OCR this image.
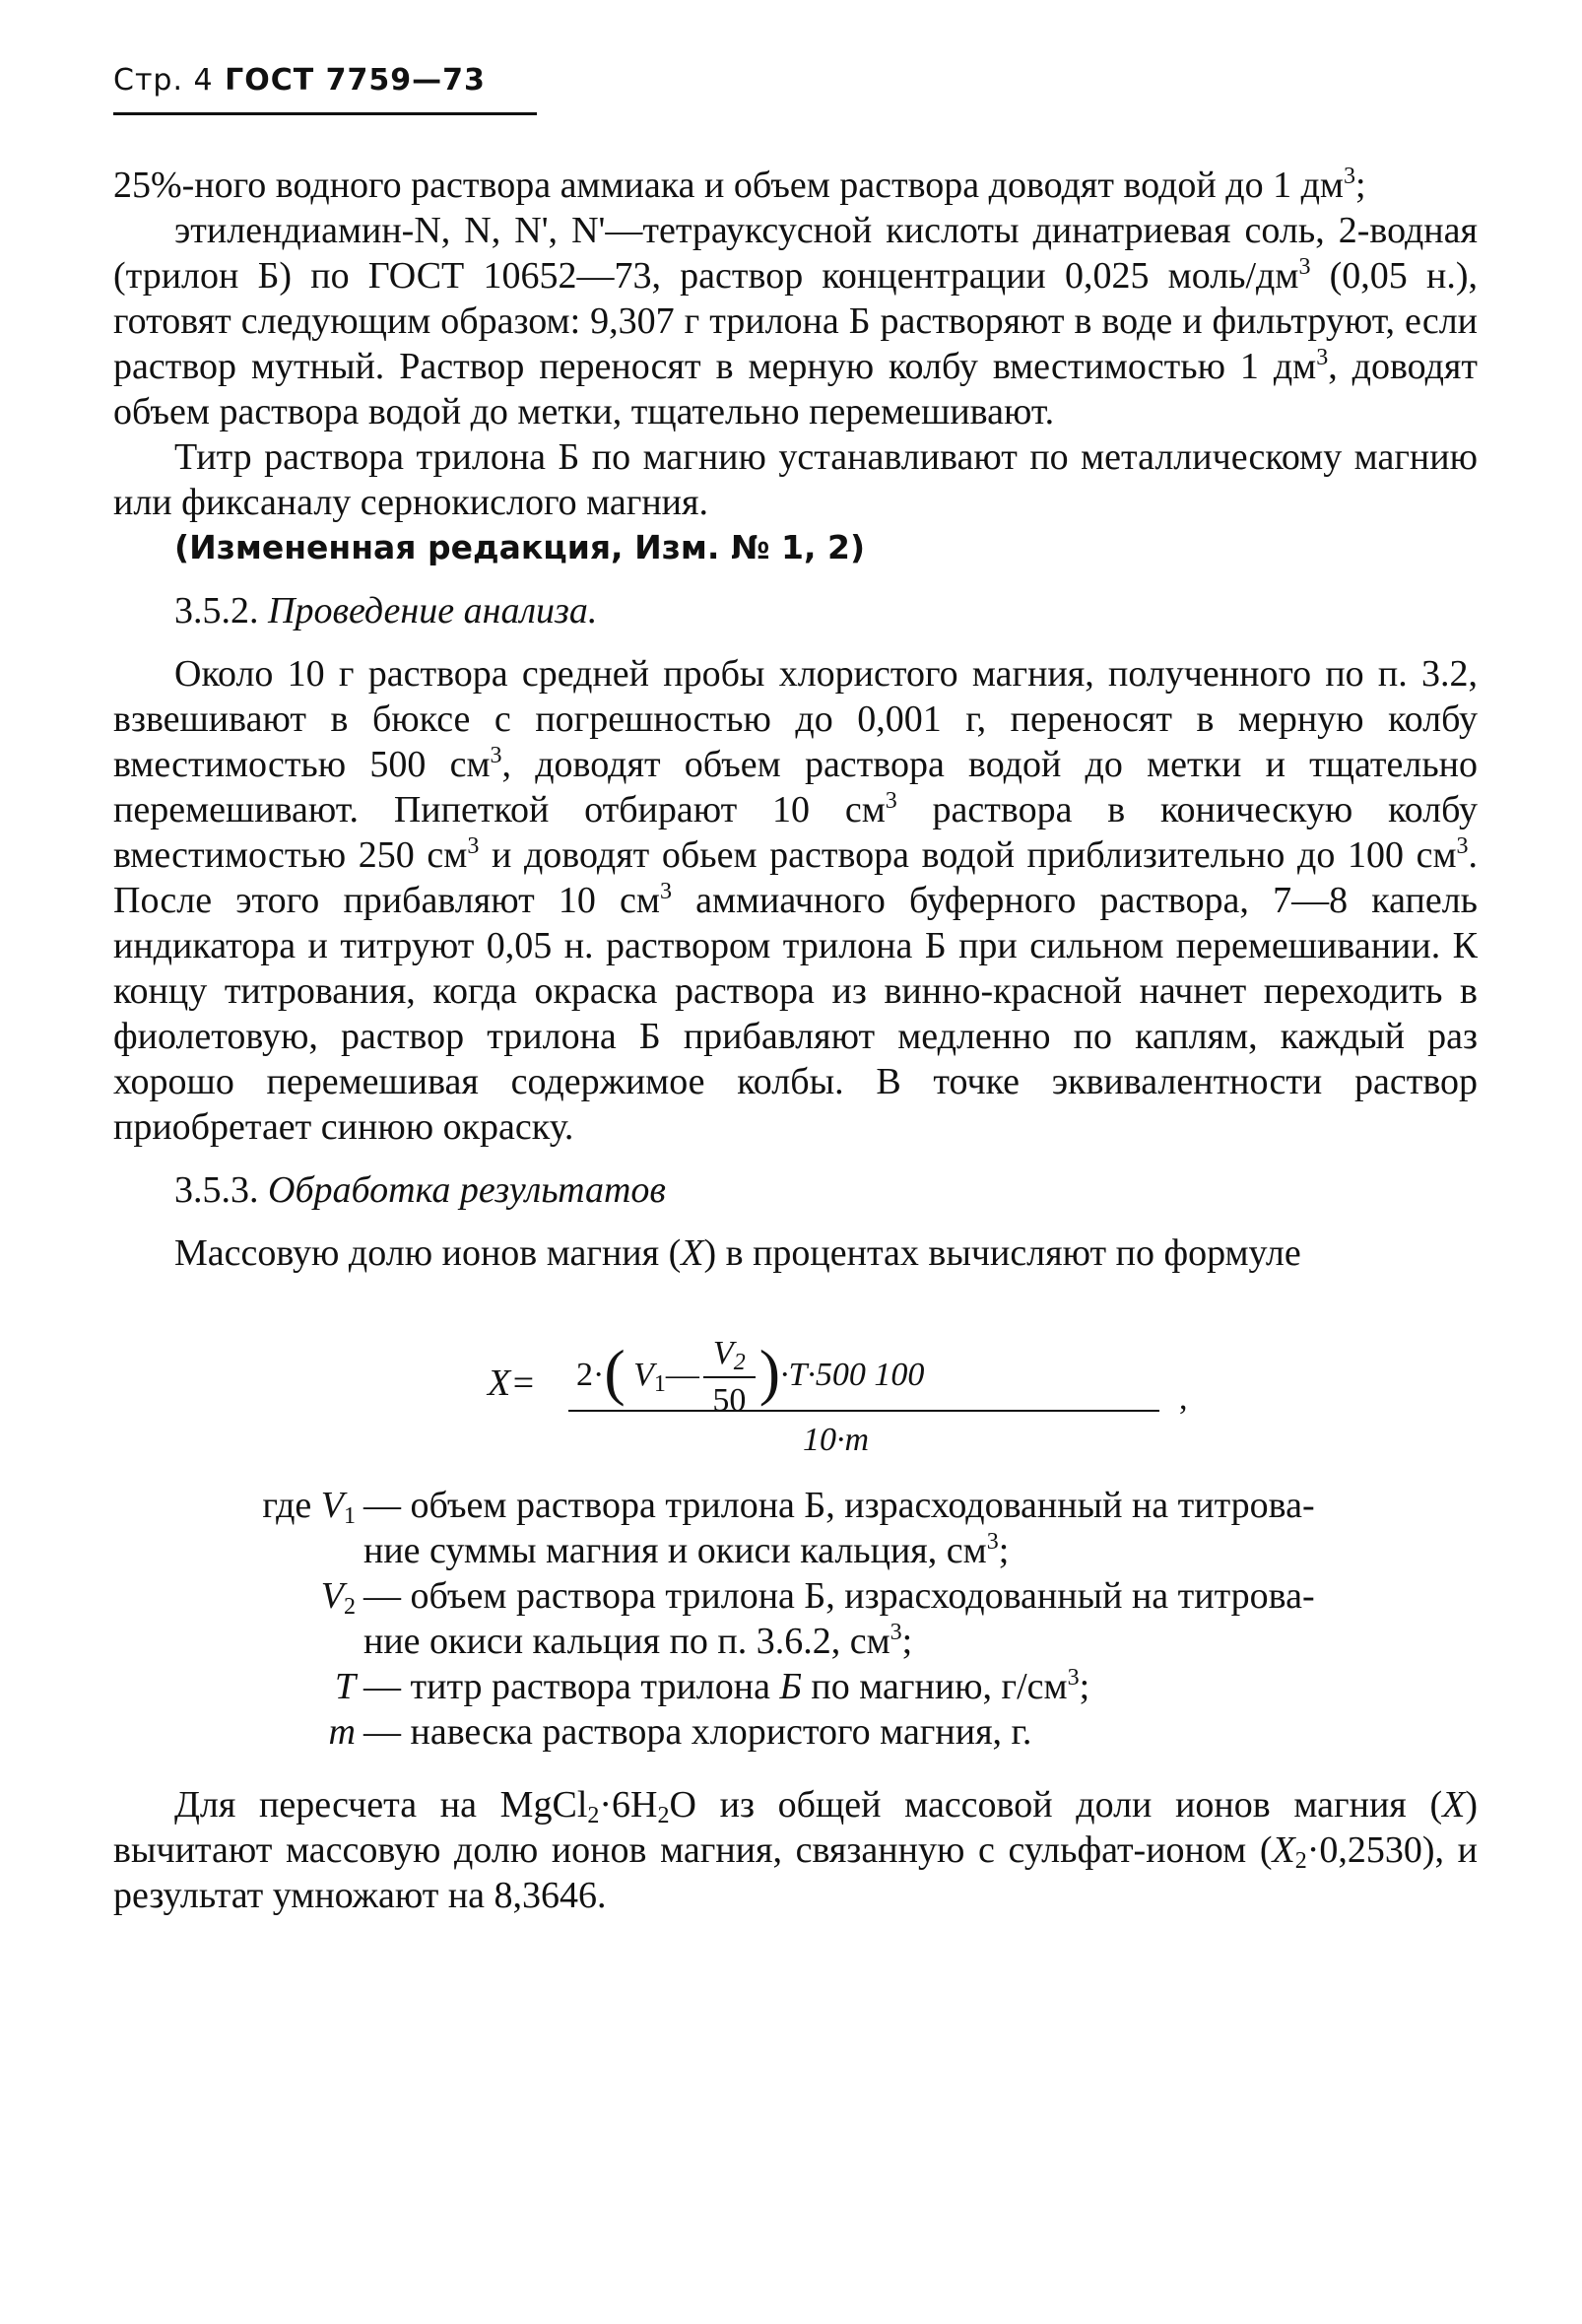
Стр. 4 ГОСТ 7759—73

25%-ного водного раствора аммиака и объем раствора доводят водой до 1 $дм^3$;

этилендиамин-N, N, N', N'—тетрауксусной кислоты динатриевая соль, 2-водная (трилон Б) по ГОСТ 10652—73, раствор концентрации 0,025 моль/$дм^3$ (0,05 н.), готовят следующим образом: 9,307 г трилона Б растворяют в воде и фильтруют, если раствор мутный. Раствор переносят в мерную колбу вместимостью 1 $дм^3$, доводят объем раствора водой до метки, тщательно перемешивают.

Титр раствора трилона Б по магнию устанавливают по металлическому магнию или фиксаналу сернокислого магния.

(Измененная редакция, Изм. № 1, 2)

3.5.2. Проведение анализа.

Около 10 г раствора средней пробы хлористого магния, полученного по п. 3.2, взвешивают в бюксе с погрешностью до 0,001 г, переносят в мерную колбу вместимостью 500 $см^3$, доводят объем раствора водой до метки и тщательно перемешивают. Пипеткой отбирают 10 $см^3$ раствора в коническую колбу вместимостью 250 $см^3$ и доводят обьем раствора водой приблизительно до 100 $см^3$. После этого прибавляют 10 $см^3$ аммиачного буферного раствора, 7—8 капель индикатора и титруют 0,05 н. раствором трилона Б при сильном перемешивании. К концу титрования, когда окраска раствора из винно-красной начнет переходить в фиолетовую, раствор трилона Б прибавляют медленно по каплям, каждый раз хорошо перемешивая содержимое колбы. В точке эквивалентности раствор приобретает синюю окраску.

3.5.3. Обработка результатов

Массовую долю ионов магния (X) в процентах вычисляют по формуле

X= 2·( $V_1— \frac{V_2}{50} )\cdot T\cdot 500$ 100
10·m
,
где $V_1$ — объем раствора трилона Б, израсходованный на титрова-
ние суммы магния и окиси кальция, $см^3$;
$V_2$ — объем раствора трилона Б, израсходованный на титрова-
ние окиси кальция по п. 3.6.2, $см^3$;
T — титр раствора трилона Б по магнию, $г/см^3$;
m — навеска раствора хлористого магния, г.

Для пересчета на $MgCl_2\cdot 6H_2O$ из общей массовой доли ионов магния (X) вычитают массовую долю ионов магния, связанную с сульфат-ионом $(X_2\cdot 0,2530)$, и результат умножают на 8,3646.
